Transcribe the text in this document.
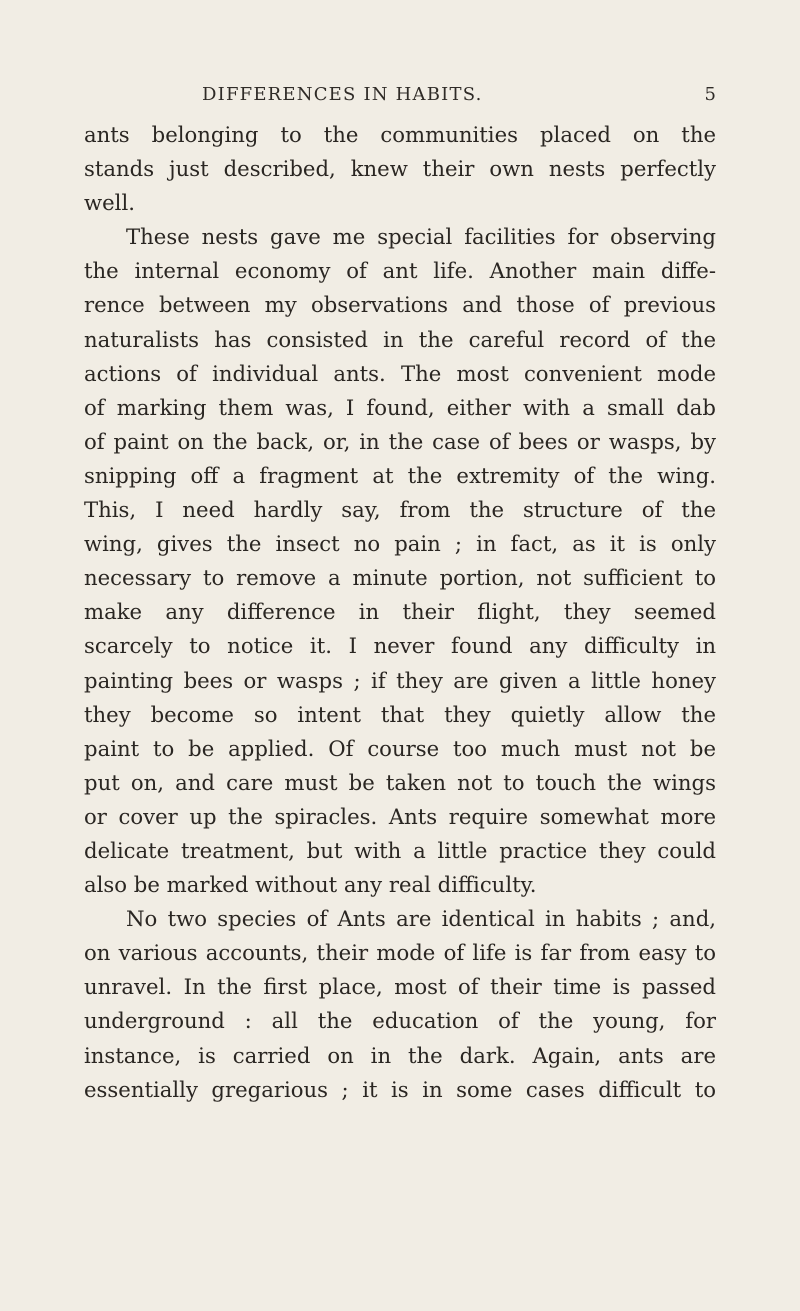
DIFFERENCES IN HABITS.	5
ants belonging to the communities placed on the
stands just described, knew their own nests perfectly
well.
These nests gave me special facilities for observing
the internal economy of ant life. Another main diffe-
rence between my observations and those of previous
naturalists has consisted in the careful record of the
actions of individual ants. The most convenient mode
of marking them was, I found, either with a small dab
of paint on the back, or, in the case of bees or wasps, by
snipping off a fragment at the extremity of the wing.
This, I need hardly say, from the structure of the
wing, gives the insect no pain ; in fact, as it is only
necessary to remove a minute portion, not sufficient to
make any difference in their flight, they seemed
scarcely to notice it. I never found any difficulty in
painting bees or wasps ; if they are given a little honey
they become so intent that they quietly allow the
paint to be applied. Of course too much must not be
put on, and care must be taken not to touch the wings
or cover up the spiracles. Ants require somewhat more
delicate treatment, but with a little practice they could
also be marked without any real difficulty.
No two species of Ants are identical in habits ; and,
on various accounts, their mode of life is far from easy to
unravel. In the first place, most of their time is passed
underground : all the education of the young, for
instance, is carried on in the dark. Again, ants are
essentially gregarious ; it is in some cases difficult to
